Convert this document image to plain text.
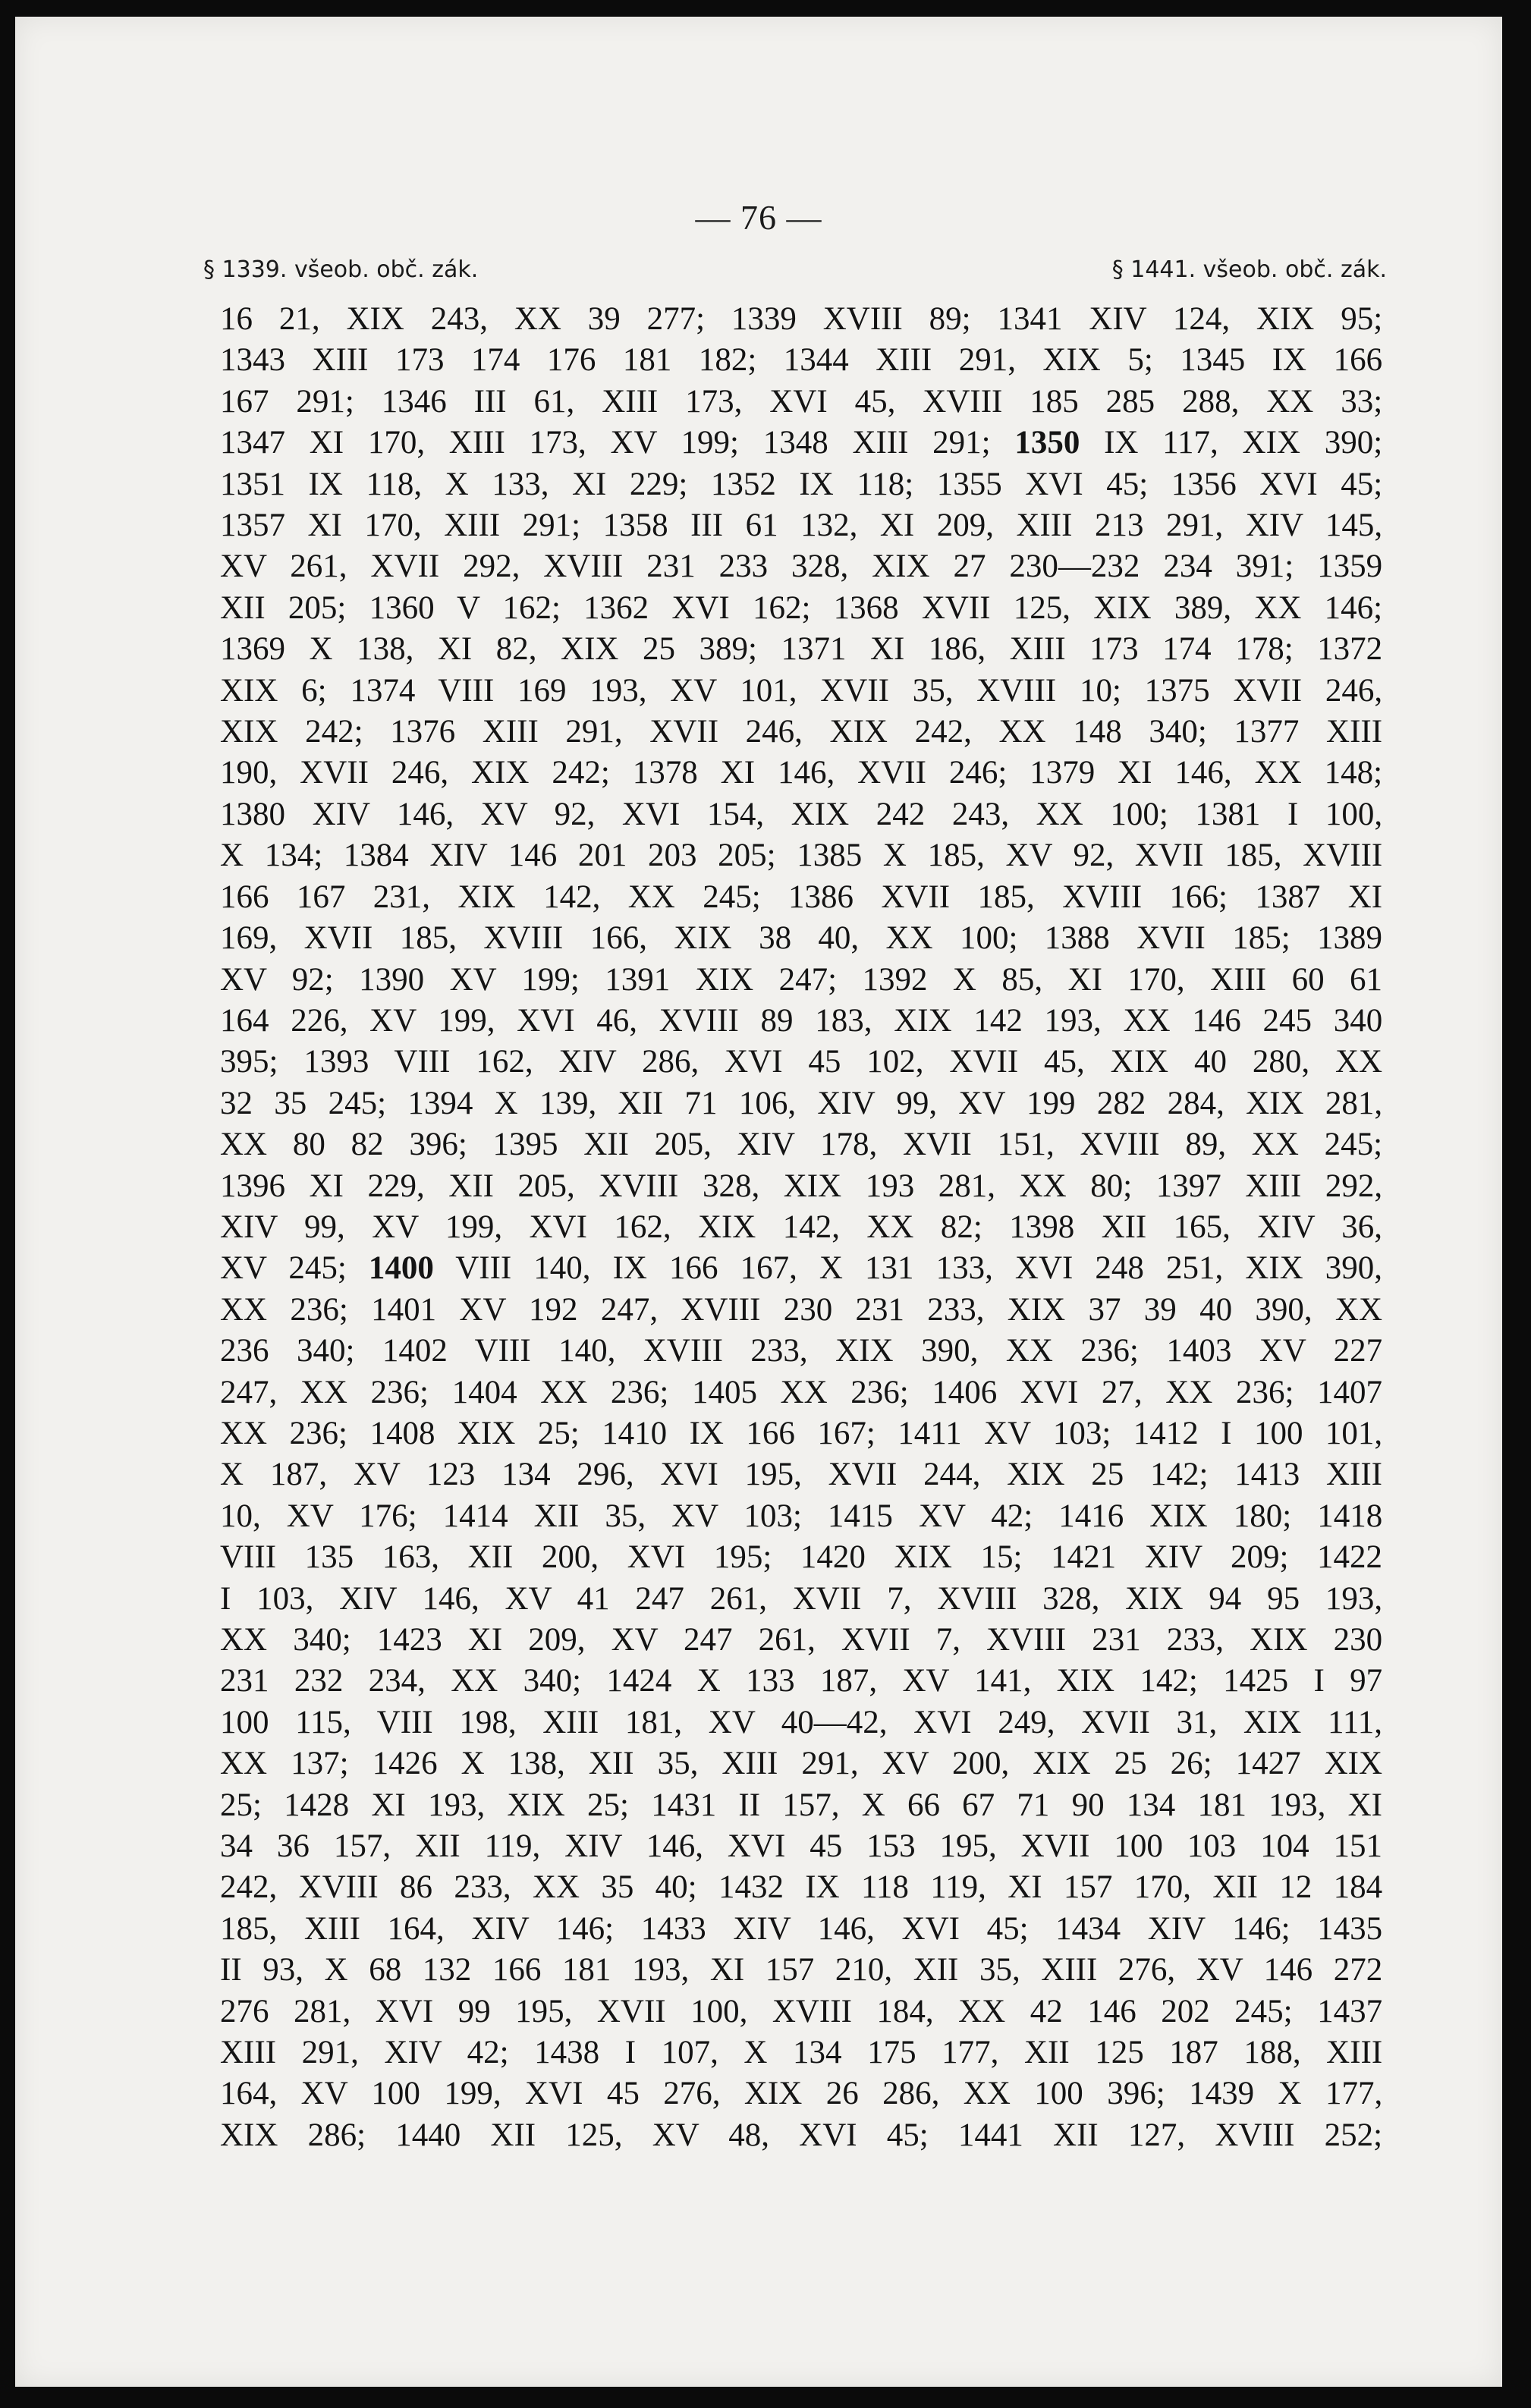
— 76 —
§ 1339. všeob. obč. zák.	§ 1441. všeob. obč. zák.
16 21, XIX 243, XX 39 277; 1339 XVIII 89; 1341 XIV 124, XIX 95;
1343 XIII 173 174 176 181 182; 1344 XIII 291, XIX 5; 1345 IX 166
167 291; 1346 III 61, XIII 173, XVI 45, XVIII 185 285 288, XX 33;
1347 XI 170, XIII 173, XV 199; 1348 XIII 291; 1350 IX 117, XIX 390;
1351 IX 118, X 133, XI 229; 1352 IX 118; 1355 XVI 45; 1356 XVI 45;
1357 XI 170, XIII 291; 1358 III 61 132, XI 209, XIII 213 291, XIV 145,
XV 261, XVII 292, XVIII 231 233 328, XIX 27 230—232 234 391; 1359
XII 205; 1360 V 162; 1362 XVI 162; 1368 XVII 125, XIX 389, XX 146;
1369 X 138, XI 82, XIX 25 389; 1371 XI 186, XIII 173 174 178; 1372
XIX 6; 1374 VIII 169 193, XV 101, XVII 35, XVIII 10; 1375 XVII 246,
XIX 242; 1376 XIII 291, XVII 246, XIX 242, XX 148 340; 1377 XIII
190, XVII 246, XIX 242; 1378 XI 146, XVII 246; 1379 XI 146, XX 148;
1380 XIV 146, XV 92, XVI 154, XIX 242 243, XX 100; 1381 I 100,
X 134; 1384 XIV 146 201 203 205; 1385 X 185, XV 92, XVII 185, XVIII
166 167 231, XIX 142, XX 245; 1386 XVII 185, XVIII 166; 1387 XI
169, XVII 185, XVIII 166, XIX 38 40, XX 100; 1388 XVII 185; 1389
XV 92; 1390 XV 199; 1391 XIX 247; 1392 X 85, XI 170, XIII 60 61
164 226, XV 199, XVI 46, XVIII 89 183, XIX 142 193, XX 146 245 340
395; 1393 VIII 162, XIV 286, XVI 45 102, XVII 45, XIX 40 280, XX
32 35 245; 1394 X 139, XII 71 106, XIV 99, XV 199 282 284, XIX 281,
XX 80 82 396; 1395 XII 205, XIV 178, XVII 151, XVIII 89, XX 245;
1396 XI 229, XII 205, XVIII 328, XIX 193 281, XX 80; 1397 XIII 292,
XIV 99, XV 199, XVI 162, XIX 142, XX 82; 1398 XII 165, XIV 36,
XV 245; 1400 VIII 140, IX 166 167, X 131 133, XVI 248 251, XIX 390,
XX 236; 1401 XV 192 247, XVIII 230 231 233, XIX 37 39 40 390, XX
236 340; 1402 VIII 140, XVIII 233, XIX 390, XX 236; 1403 XV 227
247, XX 236; 1404 XX 236; 1405 XX 236; 1406 XVI 27, XX 236; 1407
XX 236; 1408 XIX 25; 1410 IX 166 167; 1411 XV 103; 1412 I 100 101,
X 187, XV 123 134 296, XVI 195, XVII 244, XIX 25 142; 1413 XIII
10, XV 176; 1414 XII 35, XV 103; 1415 XV 42; 1416 XIX 180; 1418
VIII 135 163, XII 200, XVI 195; 1420 XIX 15; 1421 XIV 209; 1422
I 103, XIV 146, XV 41 247 261, XVII 7, XVIII 328, XIX 94 95 193,
XX 340; 1423 XI 209, XV 247 261, XVII 7, XVIII 231 233, XIX 230
231 232 234, XX 340; 1424 X 133 187, XV 141, XIX 142; 1425 I 97
100 115, VIII 198, XIII 181, XV 40—42, XVI 249, XVII 31, XIX 111,
XX 137; 1426 X 138, XII 35, XIII 291, XV 200, XIX 25 26; 1427 XIX
25; 1428 XI 193, XIX 25; 1431 II 157, X 66 67 71 90 134 181 193, XI
34 36 157, XII 119, XIV 146, XVI 45 153 195, XVII 100 103 104 151
242, XVIII 86 233, XX 35 40; 1432 IX 118 119, XI 157 170, XII 12 184
185, XIII 164, XIV 146; 1433 XIV 146, XVI 45; 1434 XIV 146; 1435
II 93, X 68 132 166 181 193, XI 157 210, XII 35, XIII 276, XV 146 272
276 281, XVI 99 195, XVII 100, XVIII 184, XX 42 146 202 245; 1437
XIII 291, XIV 42; 1438 I 107, X 134 175 177, XII 125 187 188, XIII
164, XV 100 199, XVI 45 276, XIX 26 286, XX 100 396; 1439 X 177,
XIX 286; 1440 XII 125, XV 48, XVI 45; 1441 XII 127, XVIII 252;
